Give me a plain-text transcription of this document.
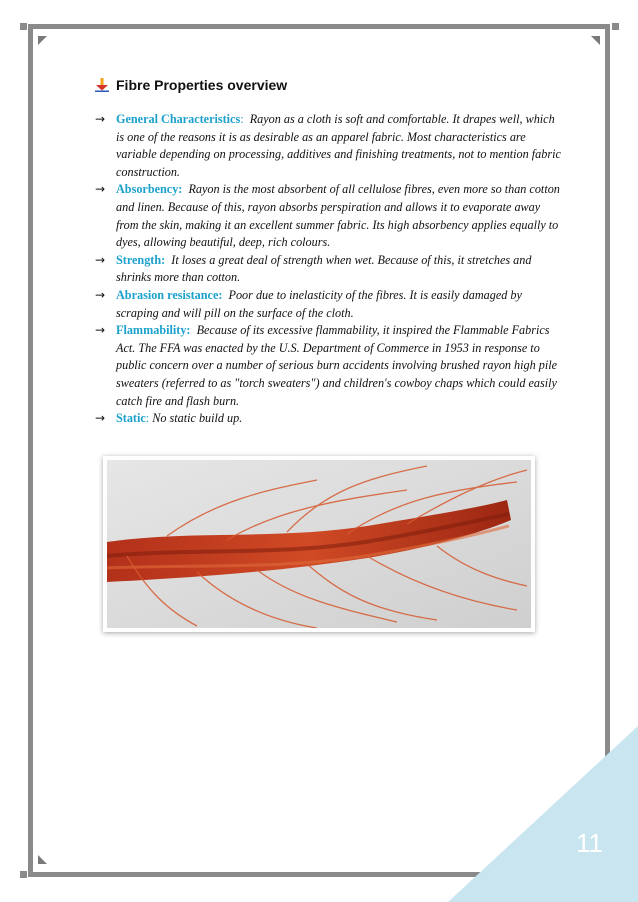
11
Fibre Properties overview
→ General Characteristics: Rayon as a cloth is soft and comfortable. It drapes well, which is one of the reasons it is as desirable as an apparel fabric. Most characteristics are variable depending on processing, additives and finishing treatments, not to mention fabric construction.
→ Absorbency: Rayon is the most absorbent of all cellulose fibres, even more so than cotton and linen. Because of this, rayon absorbs perspiration and allows it to evaporate away from the skin, making it an excellent summer fabric. Its high absorbency applies equally to dyes, allowing beautiful, deep, rich colours.
→ Strength: It loses a great deal of strength when wet. Because of this, it stretches and shrinks more than cotton.
→ Abrasion resistance: Poor due to inelasticity of the fibres. It is easily damaged by scraping and will pill on the surface of the cloth.
→ Flammability: Because of its excessive flammability, it inspired the Flammable Fabrics Act. The FFA was enacted by the U.S. Department of Commerce in 1953 in response to public concern over a number of serious burn accidents involving brushed rayon high pile sweaters (referred to as "torch sweaters") and children's cowboy chaps which could easily catch fire and flash burn.
→ Static: No static build up.
